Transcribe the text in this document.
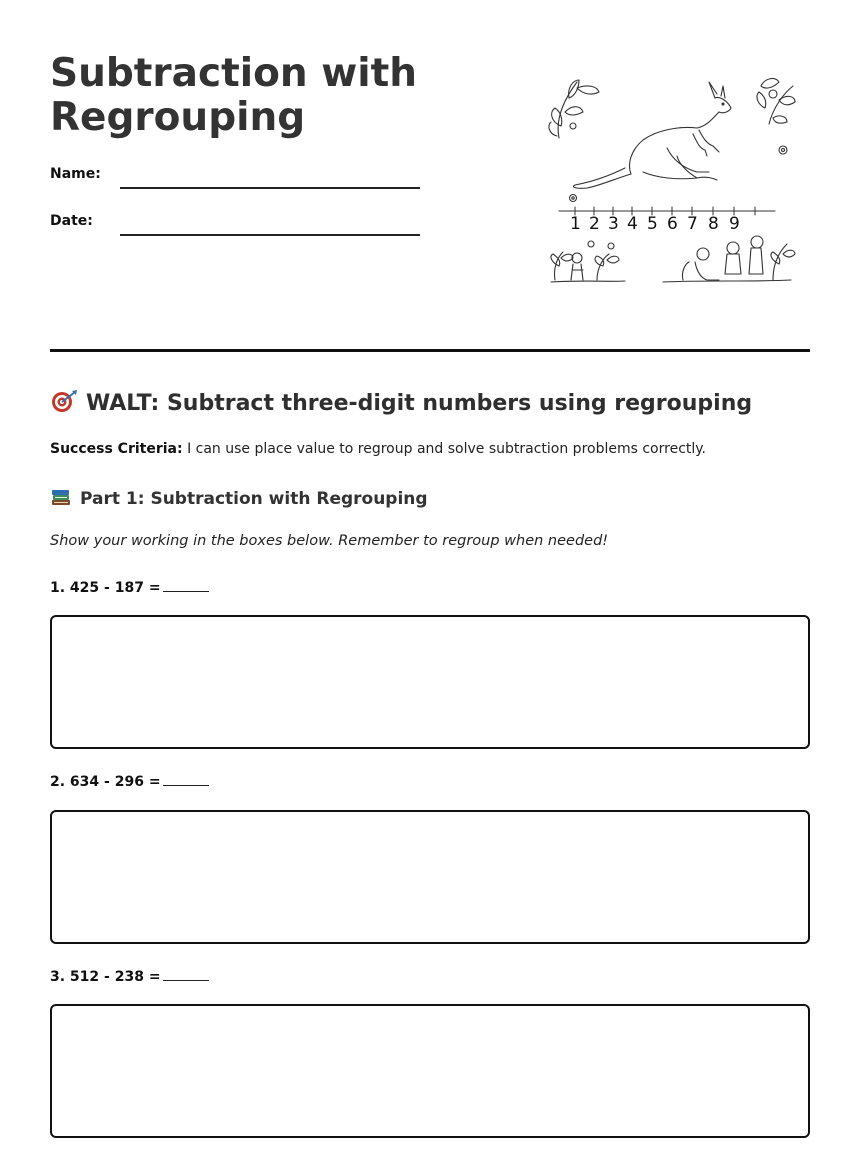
Subtraction with Regrouping
Name:
Date:	1 2 3 4 5 6 7 8 9
WALT: Subtract three-digit numbers using regrouping
Success Criteria: I can use place value to regroup and solve subtraction problems correctly.
Part 1: Subtraction with Regrouping
Show your working in the boxes below. Remember to regroup when needed!
1. 425 - 187 =
2. 634 - 296 =
3. 512 - 238 =
